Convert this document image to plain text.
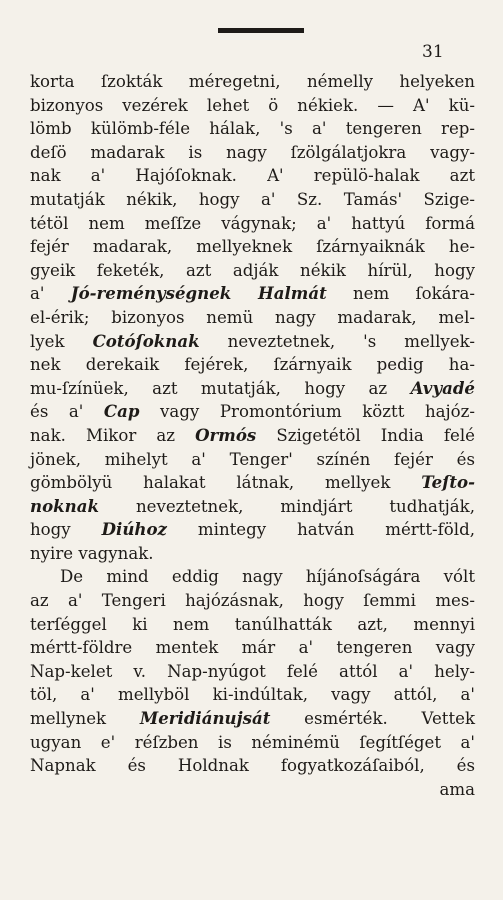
31
korta ſzokták méregetni, némelly helyeken
bizonyos vezérek lehet ö nékiek. — A' kü-
lömb külömb-féle hálak, 's a' tengeren rep-
deſö madarak is nagy ſzölgálatjokra vagy-
nak a' Hajóſoknak. A' repülö-halak azt
mutatják nékik, hogy a' Sz. Tamás' Szige-
tétöl nem meſſze vágynak; a' hattyú formá
fejér madarak, mellyeknek ſzárnyaiknák he-
gyeik feketék, azt adják nékik hírül, hogy
a' Jó-reménységnek Halmát nem ſokára-
el-érik; bizonyos nemü nagy madarak, mel-
lyek Cotóſoknak neveztetnek, 's mellyek-
nek derekaik fejérek, ſzárnyaik pedig ha-
mu-ſzínüek, azt mutatják, hogy az Avyadé
és a' Cap vagy Promontórium köztt hajóz-
nak. Mikor az Ormós Szigetétöl India felé
jönek, mihelyt a' Tenger' színén fejér és
gömbölyü halakat látnak, mellyek Teſto-
noknak neveztetnek, mindjárt tudhatják,
hogy Diúhoz mintegy hatván mértt-föld,
nyire vagynak.
De mind eddig nagy híjánoſságára vólt
az a' Tengeri hajózásnak, hogy ſemmi mes-
terſéggel ki nem tanúlhatták azt, mennyi
mértt-földre mentek már a' tengeren vagy
Nap-kelet v. Nap-nyúgot felé attól a' hely-
töl, a' mellyböl ki-indúltak, vagy attól, a'
mellynek Meridiánujsát esmérték. Vettek
ugyan e' réſzben is néminémü ſegítſéget a'
Napnak és Holdnak fogyatkozáſaiból, és
ama
